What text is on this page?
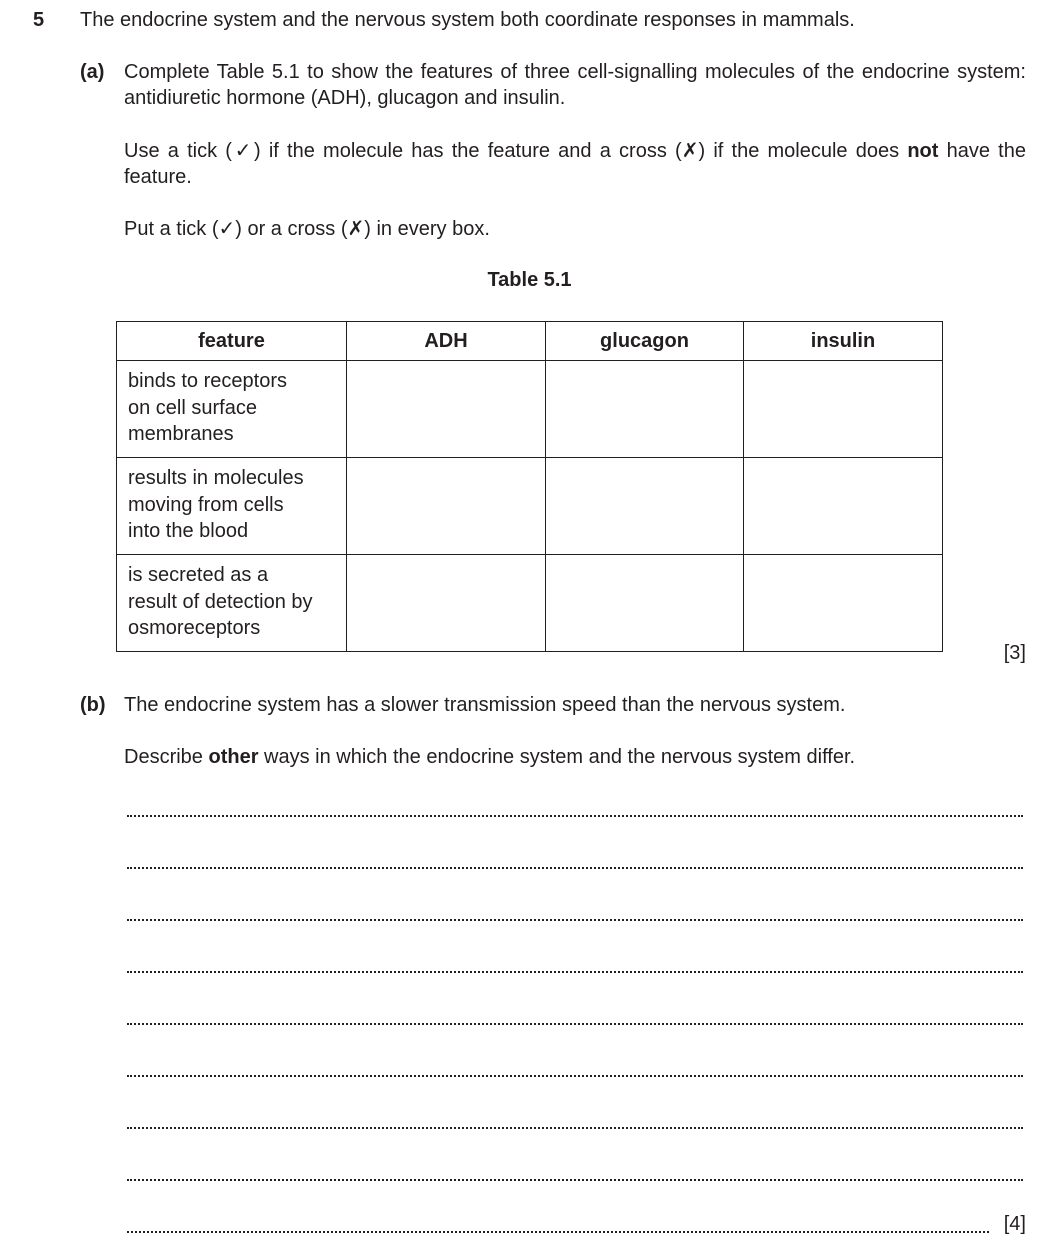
5 The endocrine system and the nervous system both coordinate responses in mammals.
(a) Complete Table 5.1 to show the features of three cell-signalling molecules of the endocrine system: antidiuretic hormone (ADH), glucagon and insulin.
Use a tick (✓) if the molecule has the feature and a cross (✗) if the molecule does not have the feature.
Put a tick (✓) or a cross (✗) in every box.
Table 5.1
feature	ADH	glucagon	insulin

binds to receptors
on cell surface
membranes			

results in molecules
moving from cells
into the blood			

is secreted as a
result of detection by
osmoreceptors			

[3]
(b) The endocrine system has a slower transmission speed than the nervous system.
Describe other ways in which the endocrine system and the nervous system differ.
[4]
